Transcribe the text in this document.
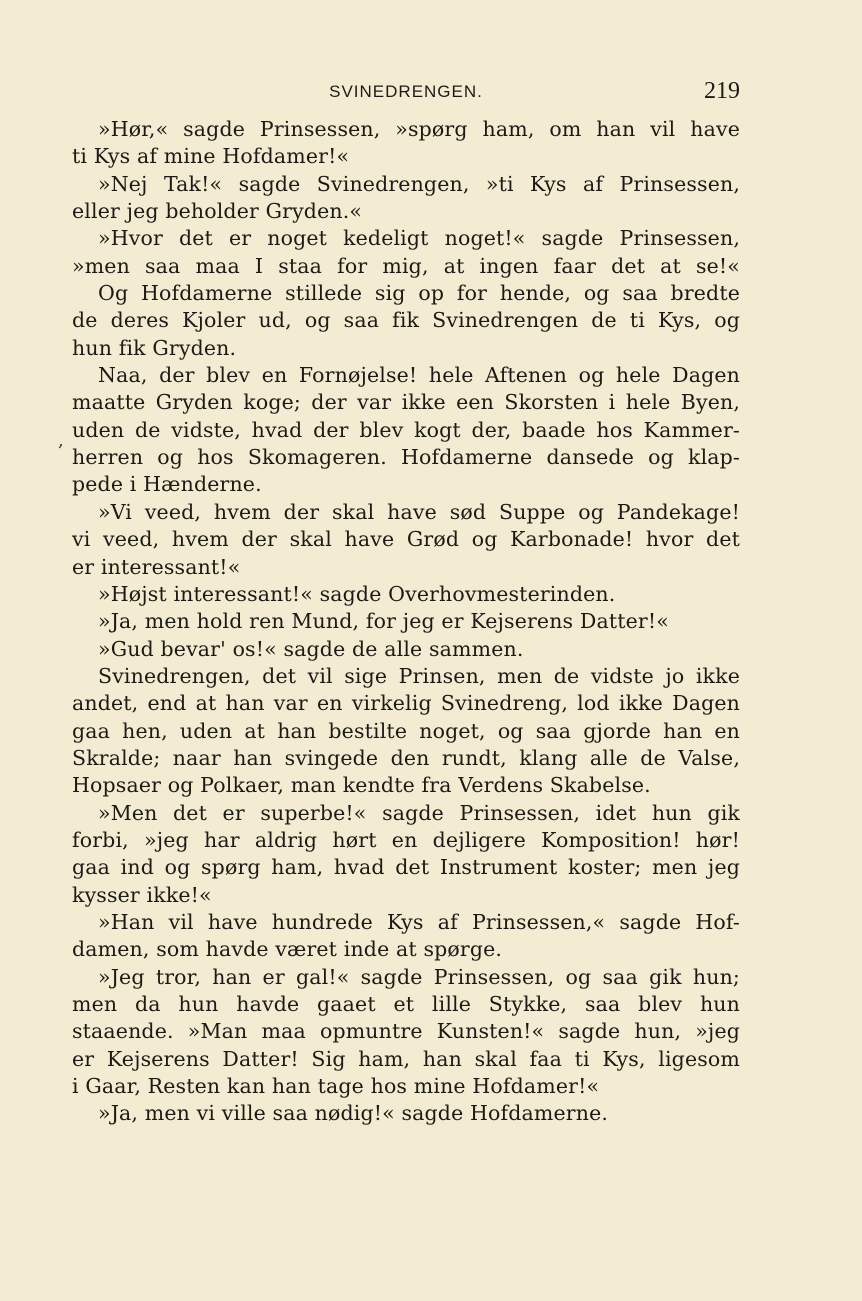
SVINEDRENGEN.	219
,
»Hør,« sagde Prinsessen, »spørg ham, om han vil have
ti Kys af mine Hofdamer!«
»Nej Tak!« sagde Svinedrengen, »ti Kys af Prinsessen,
eller jeg beholder Gryden.«
»Hvor det er noget kedeligt noget!« sagde Prinsessen,
»men saa maa I staa for mig, at ingen faar det at se!«
Og Hofdamerne stillede sig op for hende, og saa bredte
de deres Kjoler ud, og saa fik Svinedrengen de ti Kys, og
hun fik Gryden.
Naa, der blev en Fornøjelse! hele Aftenen og hele Dagen
maatte Gryden koge; der var ikke een Skorsten i hele Byen,
uden de vidste, hvad der blev kogt der, baade hos Kammer-
herren og hos Skomageren. Hofdamerne dansede og klap-
pede i Hænderne.
»Vi veed, hvem der skal have sød Suppe og Pandekage!
vi veed, hvem der skal have Grød og Karbonade! hvor det
er interessant!«
»Højst interessant!« sagde Overhovmesterinden.
»Ja, men hold ren Mund, for jeg er Kejserens Datter!«
»Gud bevar' os!« sagde de alle sammen.
Svinedrengen, det vil sige Prinsen, men de vidste jo ikke
andet, end at han var en virkelig Svinedreng, lod ikke Dagen
gaa hen, uden at han bestilte noget, og saa gjorde han en
Skralde; naar han svingede den rundt, klang alle de Valse,
Hopsaer og Polkaer, man kendte fra Verdens Skabelse.
»Men det er superbe!« sagde Prinsessen, idet hun gik
forbi, »jeg har aldrig hørt en dejligere Komposition! hør!
gaa ind og spørg ham, hvad det Instrument koster; men jeg
kysser ikke!«
»Han vil have hundrede Kys af Prinsessen,« sagde Hof-
damen, som havde været inde at spørge.
»Jeg tror, han er gal!« sagde Prinsessen, og saa gik hun;
men da hun havde gaaet et lille Stykke, saa blev hun
staaende. »Man maa opmuntre Kunsten!« sagde hun, »jeg
er Kejserens Datter! Sig ham, han skal faa ti Kys, ligesom
i Gaar, Resten kan han tage hos mine Hofdamer!«
»Ja, men vi ville saa nødig!« sagde Hofdamerne.
